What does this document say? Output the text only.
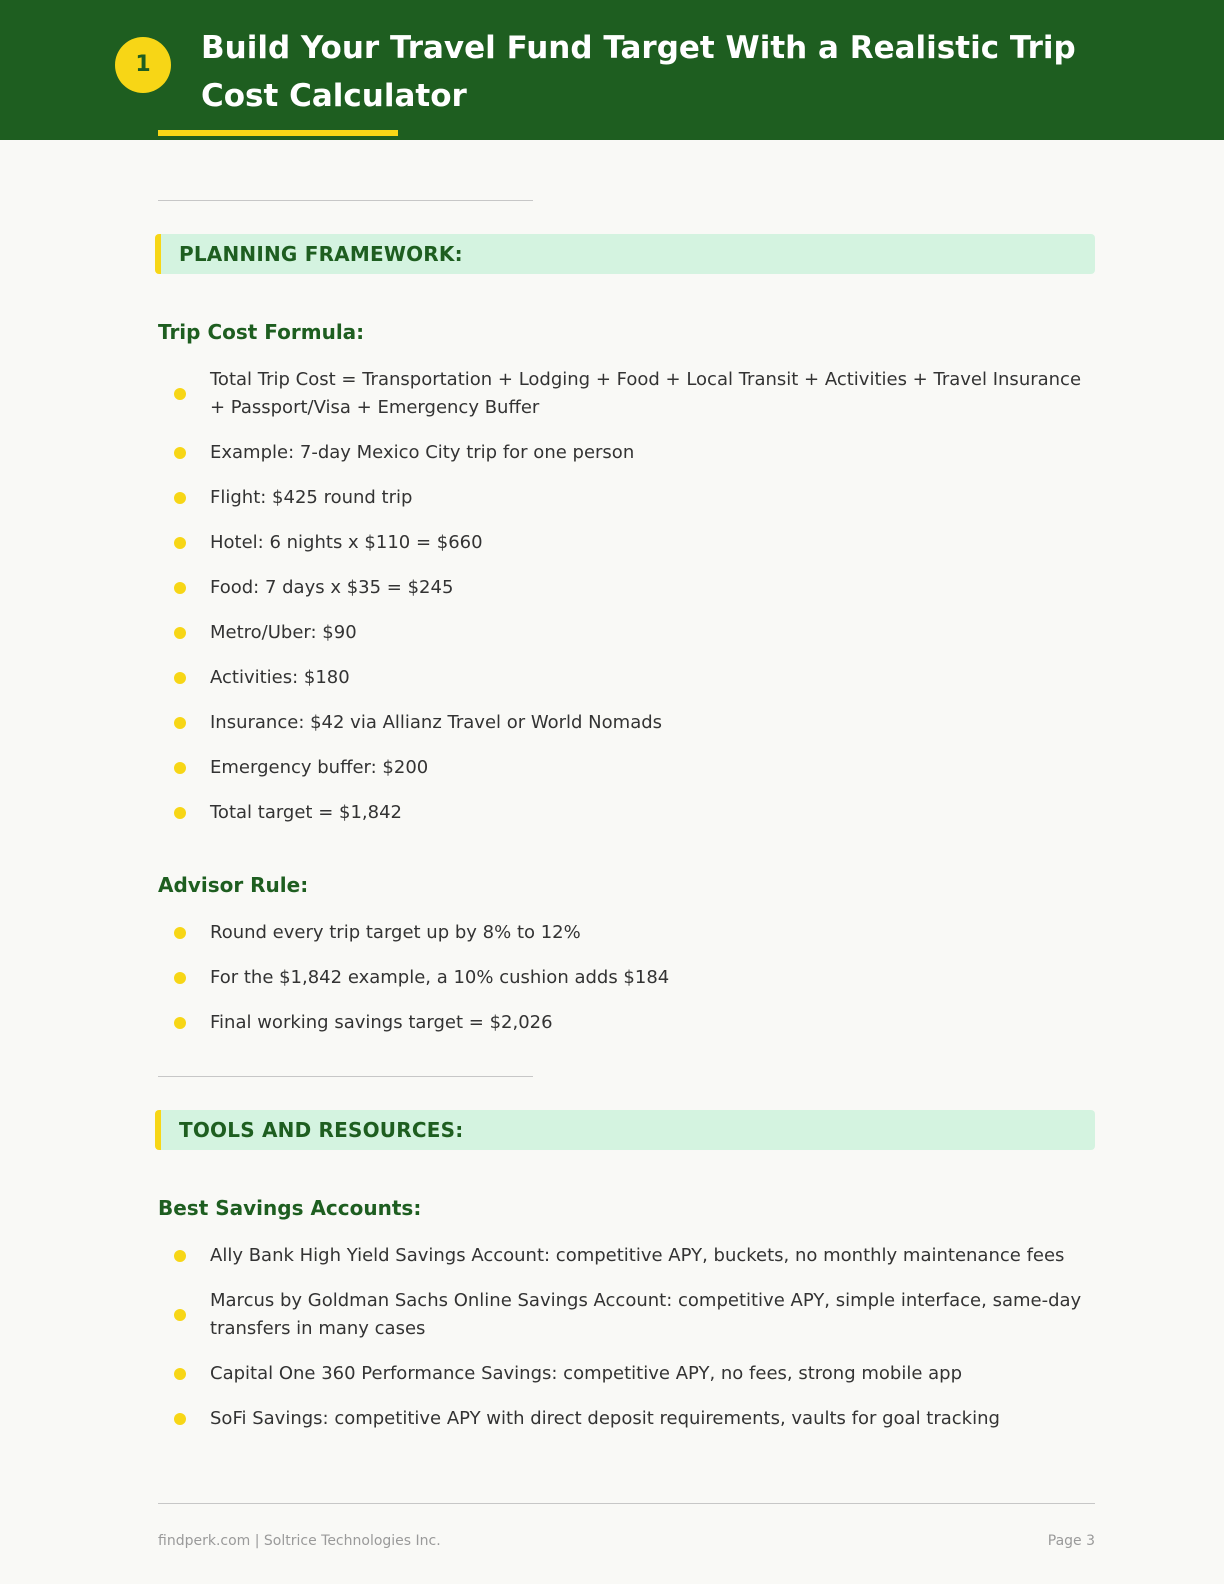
1	Build Your Travel Fund Target With a Realistic Trip Cost Calculator
PLANNING FRAMEWORK:
Trip Cost Formula:
Total Trip Cost = Transportation + Lodging + Food + Local Transit + Activities + Travel Insurance + Passport/Visa + Emergency Buffer
Example: 7-day Mexico City trip for one person
Flight: $425 round trip
Hotel: 6 nights x $110 = $660
Food: 7 days x $35 = $245
Metro/Uber: $90
Activities: $180
Insurance: $42 via Allianz Travel or World Nomads
Emergency buffer: $200
Total target = $1,842
Advisor Rule:
Round every trip target up by 8% to 12%
For the $1,842 example, a 10% cushion adds $184
Final working savings target = $2,026
TOOLS AND RESOURCES:
Best Savings Accounts:
Ally Bank High Yield Savings Account: competitive APY, buckets, no monthly maintenance fees
Marcus by Goldman Sachs Online Savings Account: competitive APY, simple interface, same-day transfers in many cases
Capital One 360 Performance Savings: competitive APY, no fees, strong mobile app
SoFi Savings: competitive APY with direct deposit requirements, vaults for goal tracking
findperk.com | Soltrice Technologies Inc.	Page 3
